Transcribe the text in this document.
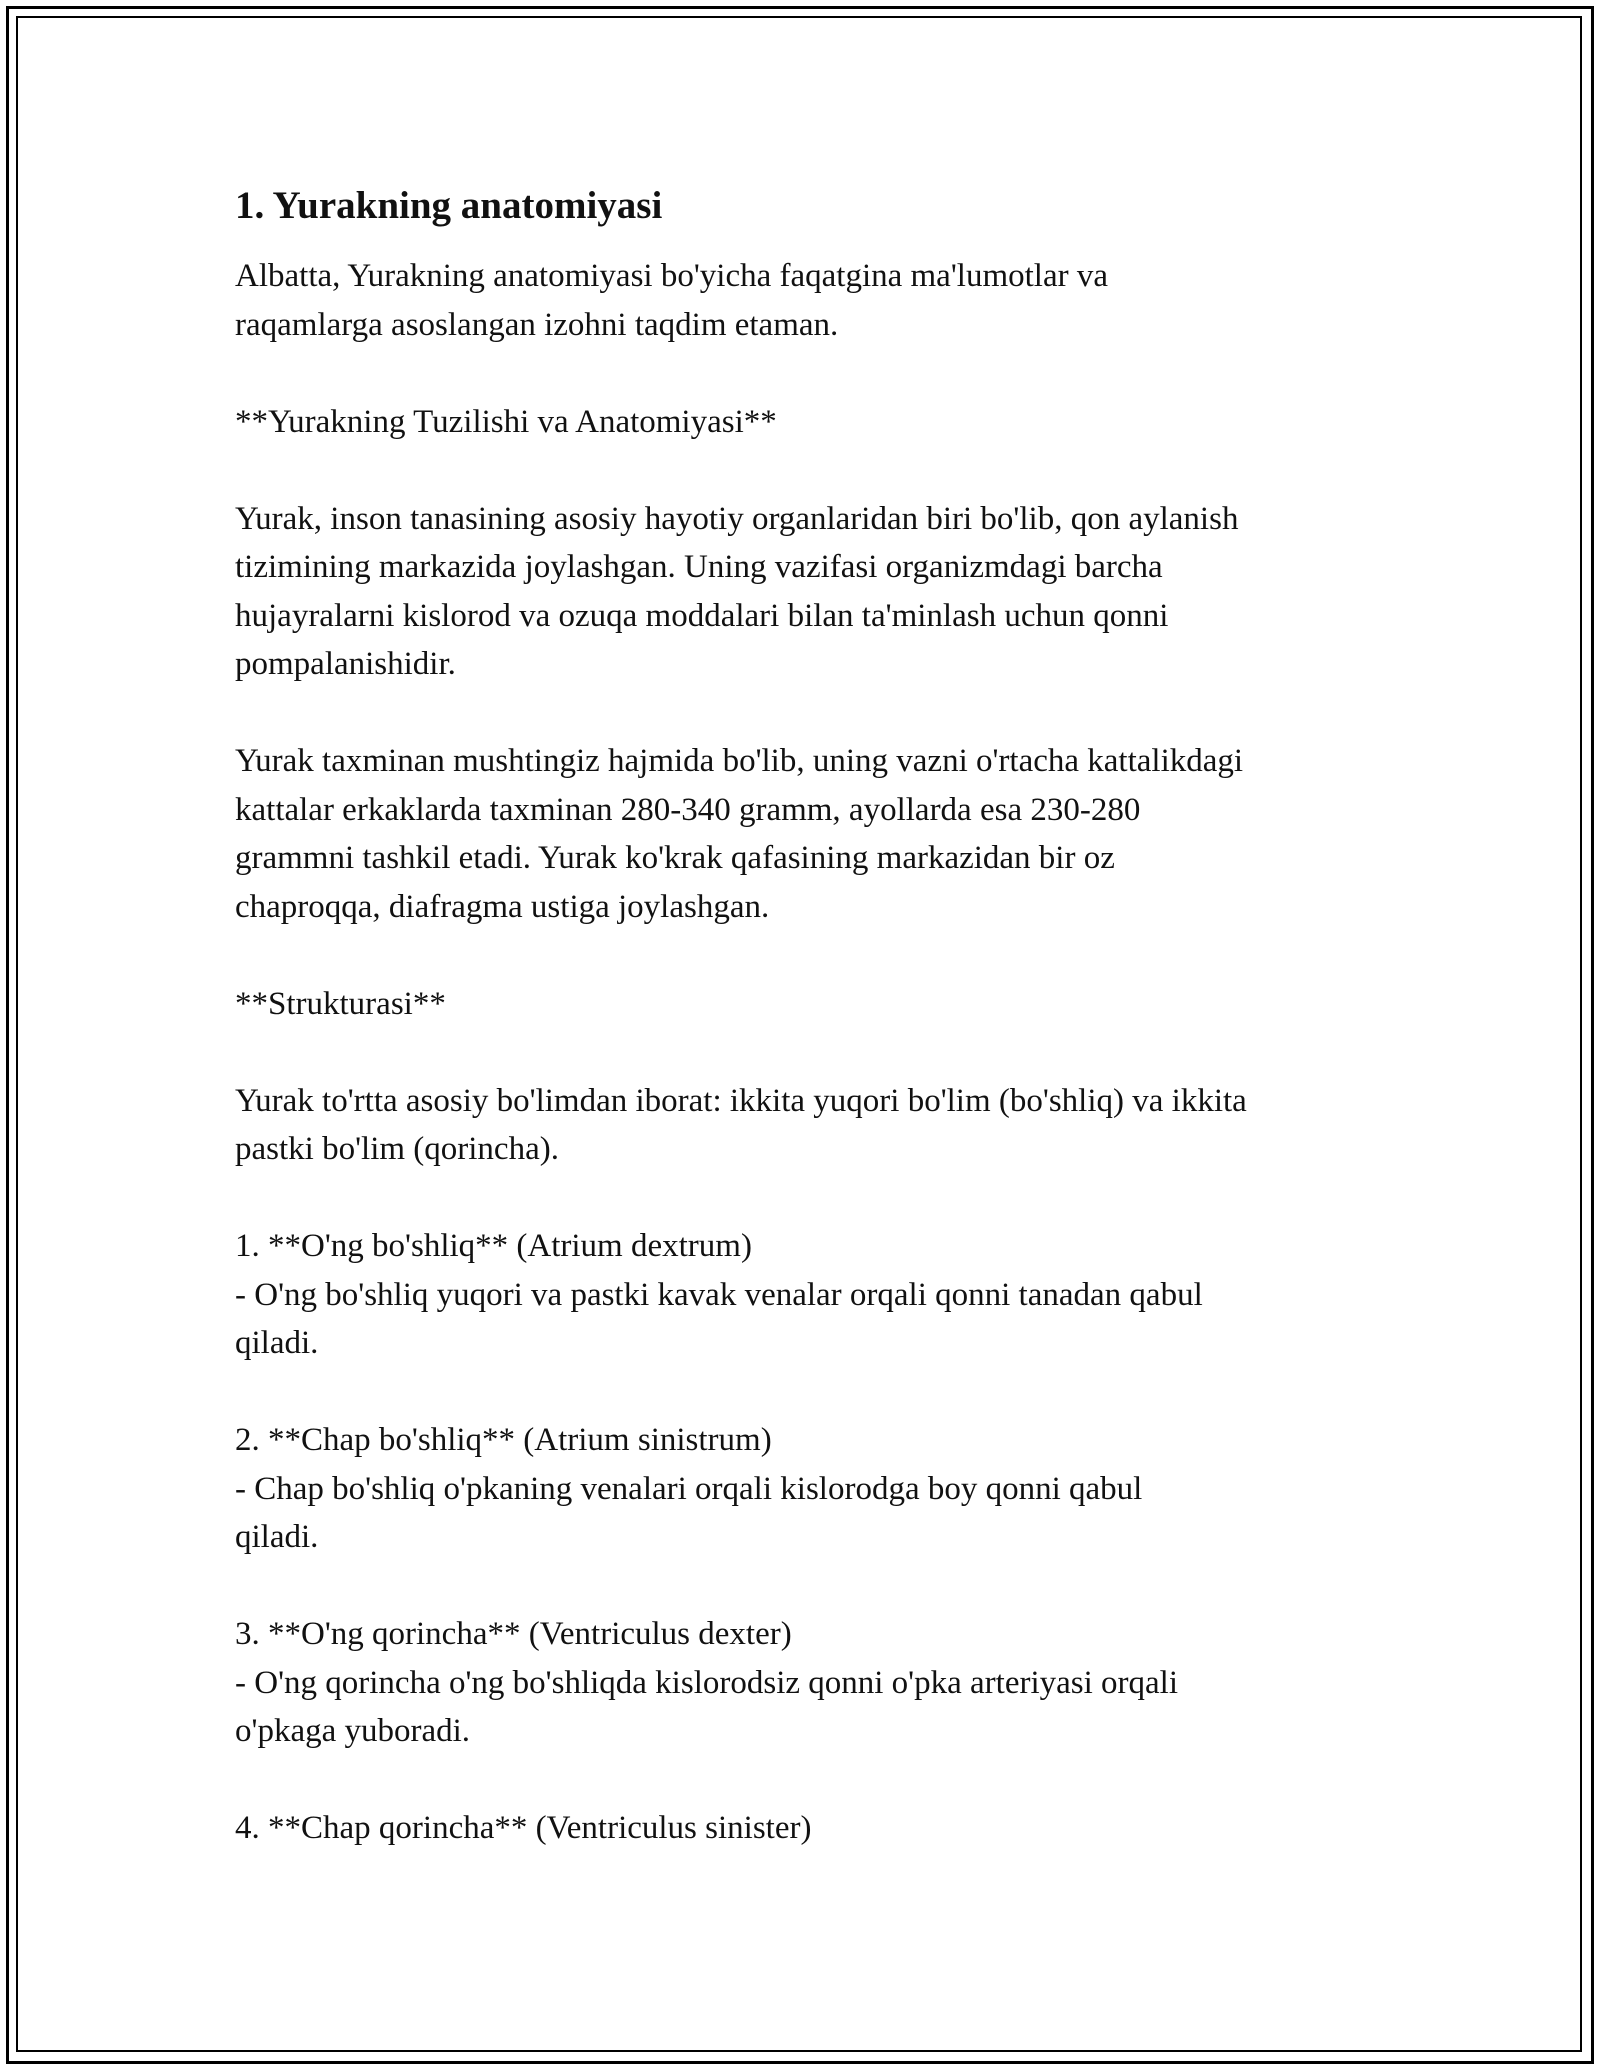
1. Yurakning anatomiyasi

Albatta, Yurakning anatomiyasi bo'yicha faqatgina ma'lumotlar va
raqamlarga asoslangan izohni taqdim etaman.

**Yurakning Tuzilishi va Anatomiyasi**

Yurak, inson tanasining asosiy hayotiy organlaridan biri bo'lib, qon aylanish
tizimining markazida joylashgan. Uning vazifasi organizmdagi barcha
hujayralarni kislorod va ozuqa moddalari bilan ta'minlash uchun qonni
pompalanishidir.

Yurak taxminan mushtingiz hajmida bo'lib, uning vazni o'rtacha kattalikdagi
kattalar erkaklarda taxminan 280-340 gramm, ayollarda esa 230-280
grammni tashkil etadi. Yurak ko'krak qafasining markazidan bir oz
chaproqqa, diafragma ustiga joylashgan.

**Strukturasi**

Yurak to'rtta asosiy bo'limdan iborat: ikkita yuqori bo'lim (bo'shliq) va ikkita
pastki bo'lim (qorincha).

1. **O'ng bo'shliq** (Atrium dextrum)
- O'ng bo'shliq yuqori va pastki kavak venalar orqali qonni tanadan qabul
qiladi.

2. **Chap bo'shliq** (Atrium sinistrum)
- Chap bo'shliq o'pkaning venalari orqali kislorodga boy qonni qabul
qiladi.

3. **O'ng qorincha** (Ventriculus dexter)
- O'ng qorincha o'ng bo'shliqda kislorodsiz qonni o'pka arteriyasi orqali
o'pkaga yuboradi.

4. **Chap qorincha** (Ventriculus sinister)
